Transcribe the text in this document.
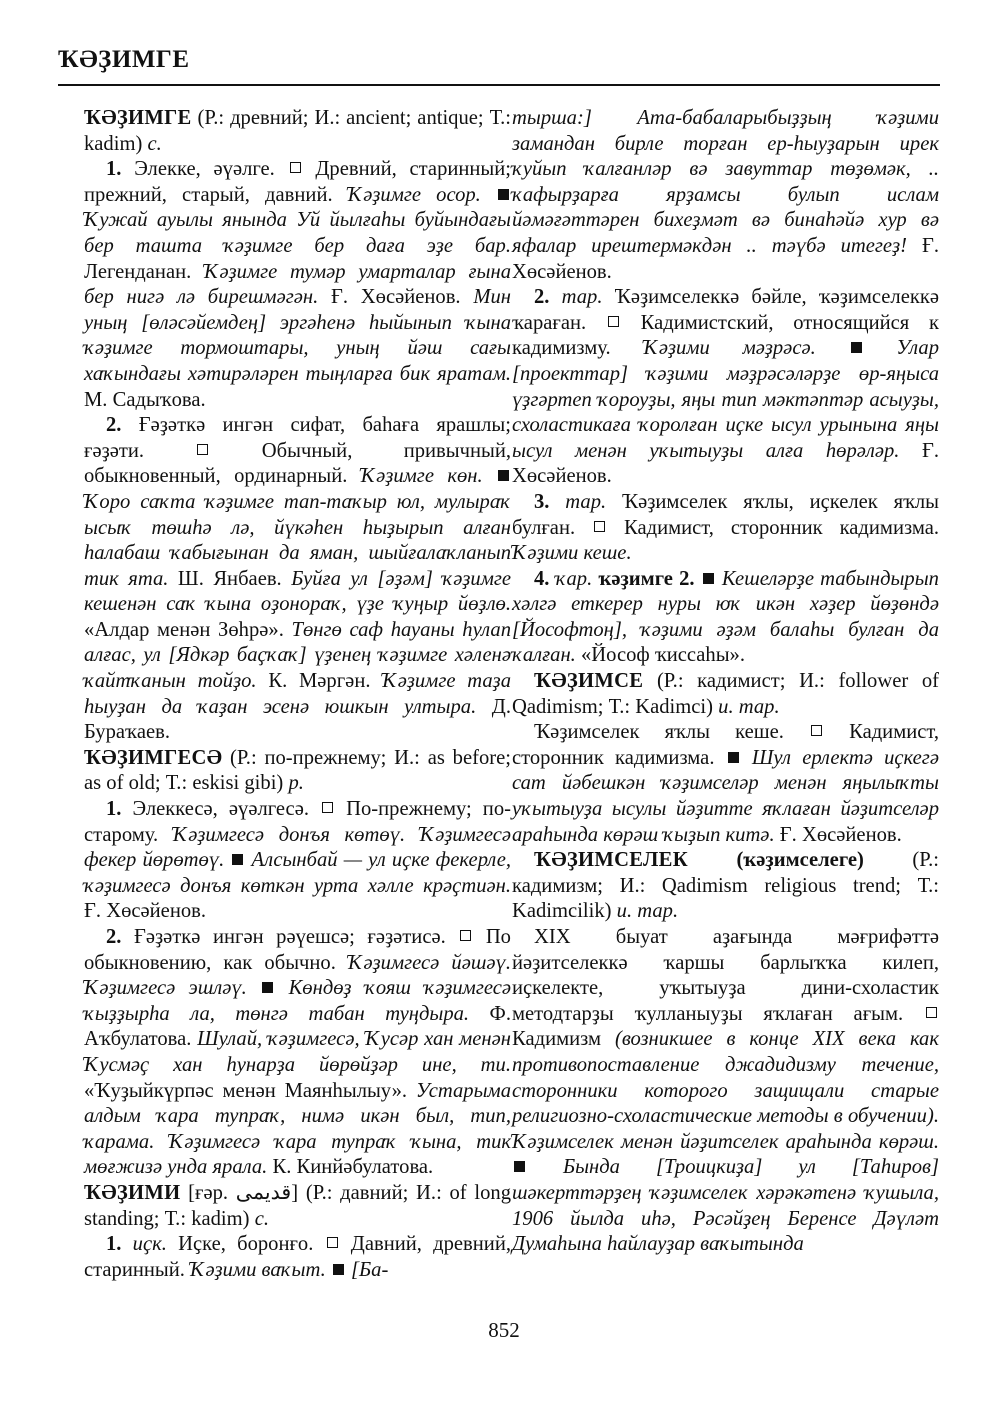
ҠӘҘИМГЕ

ҠӘҘИМГЕ (Р.: древний; И.: ancient; antique; Т.: kadim) с.

1. Элекке, әүәлге.  Древний, старинный; прежний, старый, давний. Ҡәҙимге осор.  Ҡужай ауылы янында Уй йылғаһы буйындағы бер ташта ҡәҙимге бер даға эҙе бар. Легенданан. Ҡәҙимге тумәр умарталар ғына бер нигә лә бирешмәгән. Ғ. Хөсәйенов. Мин уның [өләсәйемдең] эргәһенә һыйынып ҡына ҡәҙимге тормоштары, уның йәш сағы хаҡындағы хәтирәләрен тыңларға бик яратам. М. Садыҡова.

2. Ғәҙәткә ингән сифат, баһаға ярашлы; ғәҙәти.  Обычный, привычный, обыкновенный, ординарный. Ҡәҙимге көн.  Ҡоро саҡта ҡәҙимге тап-таҡыр юл, мулыраҡ ысыҡ төшһә лә, йүкәһен һыҙырып алған һалабаш ҡабығынан да яман, шыйғалаҡланып тик ята. Ш. Янбаев. Буйға ул [әҙәм] ҡәҙимге кешенән саҡ ҡына оҙонораҡ, үҙе ҡуңыр йөҙлө. «Алдар менән Зөһрә». Төнгө саф һауаны һулап алғас, ул [Ядкәр баҫҡаҡ] үҙенең ҡәҙимге хәленә ҡайтҡанын тойҙо. К. Мәргән. Ҡәҙимге таҙа һыуҙан да ҡаҙан эсенә юшкын ултыра. Д. Бураҡаев.

ҠӘҘИМГЕСӘ (Р.: по-прежнему; И.: as before; as of old; Т.: eskisi gibi) р.

1. Элеккесә, әүәлгесә.  По-прежнему; по-старому. Ҡәҙимгесә донъя көтөү. Ҡәҙимгесә фекер йөрөтөү.  Алсынбай — ул иҫке фекерле, ҡәҙимгесә донъя көткән урта хәлле крәҫтиән. Ғ. Хөсәйенов.

2. Ғәҙәткә ингән рәүешсә; ғәҙәтисә.  По обыкновению, как обычно. Ҡәҙимгесә йәшәү. Ҡәҙимгесә эшләү.  Көндөҙ ҡояш ҡәҙимгесә ҡыҙҙырһа ла, төнгә табан туңдыра. Ф. Аҡбулатова. Шулай, ҡәҙимгесә, Ҡусәр хан менән Ҡусмәҫ хан һунарҙа йөрөйҙәр ине, ти. «Ҡуҙыйкүрпәс менән Маянһылыу». Устарыма алдым ҡара тупраҡ, нимә икән был, тип, ҡарама. Ҡәҙимгесә ҡара тупраҡ ҡына, тик мөғжизә унда ярала. К. Кинйәбулатова.

ҠӘҘИМИ [ғәр. قديمى] (Р.: давний; И.: of long standing; Т.: kadim) с.

1. иҫк. Иҫке, боронғо.  Давний, древний, старинный. Ҡәҙими ваҡыт.  [Ба-

тырша:] Ата-бабаларыбыҙҙың ҡәҙими замандан бирле торған ер-һыуҙарын ирек ҡуйып ҡалғанләр вә завуттар төҙөмәк, .. ҡафырҙарға ярҙамсы булып ислам йәмәғәттәрен бихеҙмәт вә бинаһәйә хур вә яфалар ирештермәкдән .. тәүбә итегеҙ! Ғ. Хөсәйенов.

2. тар. Ҡәҙимселеккә бәйле, ҡәҙимселеккә ҡараған.  Кадимистский, относящийся к кадимизму. Ҡәҙими мәҙрәсә.  Улар [проекттар] ҡәҙими мәҙрәсәләрҙе өр-яңыса үҙгәртеп ҡороуҙы, яңы тип мәктәптәр асыуҙы, схоластикаға ҡоролған иҫке ысул урынына яңы ысул менән уҡытыуҙы алға һөрәләр. Ғ. Хөсәйенов.

3. тар. Ҡәҙимселек яҡлы, иҫкелек яҡлы булған.  Кадимист, сторонник кадимизма. Ҡәҙими кеше.

4. ҡар. ҡәҙимге 2.  Кешеләрҙе табындырып хәлгә еткерер нуры юҡ икән хәҙер йөҙөндә [Йософтоң], ҡәҙими әҙәм балаһы булған да ҡалған. «Йософ ҡиссаһы».

ҠӘҘИМСЕ (Р.: кадимист; И.: follower of Qadimism; Т.: Kadimci) и. тар.

Ҡәҙимселек яҡлы кеше.  Кадимист, сторонник кадимизма.  Шул ерлектә иҫкегә сат йәбешкән ҡәҙимселәр менән яңылыҡты уҡытыуҙа ысулы йәҙитте яҡлаған йәҙитселәр араһында көрәш ҡыҙып китә. Ғ. Хөсәйенов.

ҠӘҘИМСЕЛЕК (ҡәҙимселеге) (Р.: кадимизм; И.: Qadimism religious trend; Т.: Kadimcilik) и. тар.

XIX быуат аҙағында мәғрифәттә йәҙитселеккә ҡаршы барлыҡҡа килеп, иҫкелекте, уҡытыуҙа дини-схоластик методтарҙы ҡулланыуҙы яҡлаған ағым.  Кадимизм (возникшее в конце XIX века как противопоставление джадидизму течение, сторонники которого защищали старые религиозно-схоластические методы в обучении). Ҡәҙимселек менән йәҙитселек араһында көрәш.  Бында [Троицкиҙа] ул [Таһиров] шәкерттәрҙең ҡәҙимселек хәрәкәтенә ҡушыла, 1906 йылда иһә, Рәсәйҙең Беренсе Дәүләт Думаһына һайлауҙар ваҡытында

852
